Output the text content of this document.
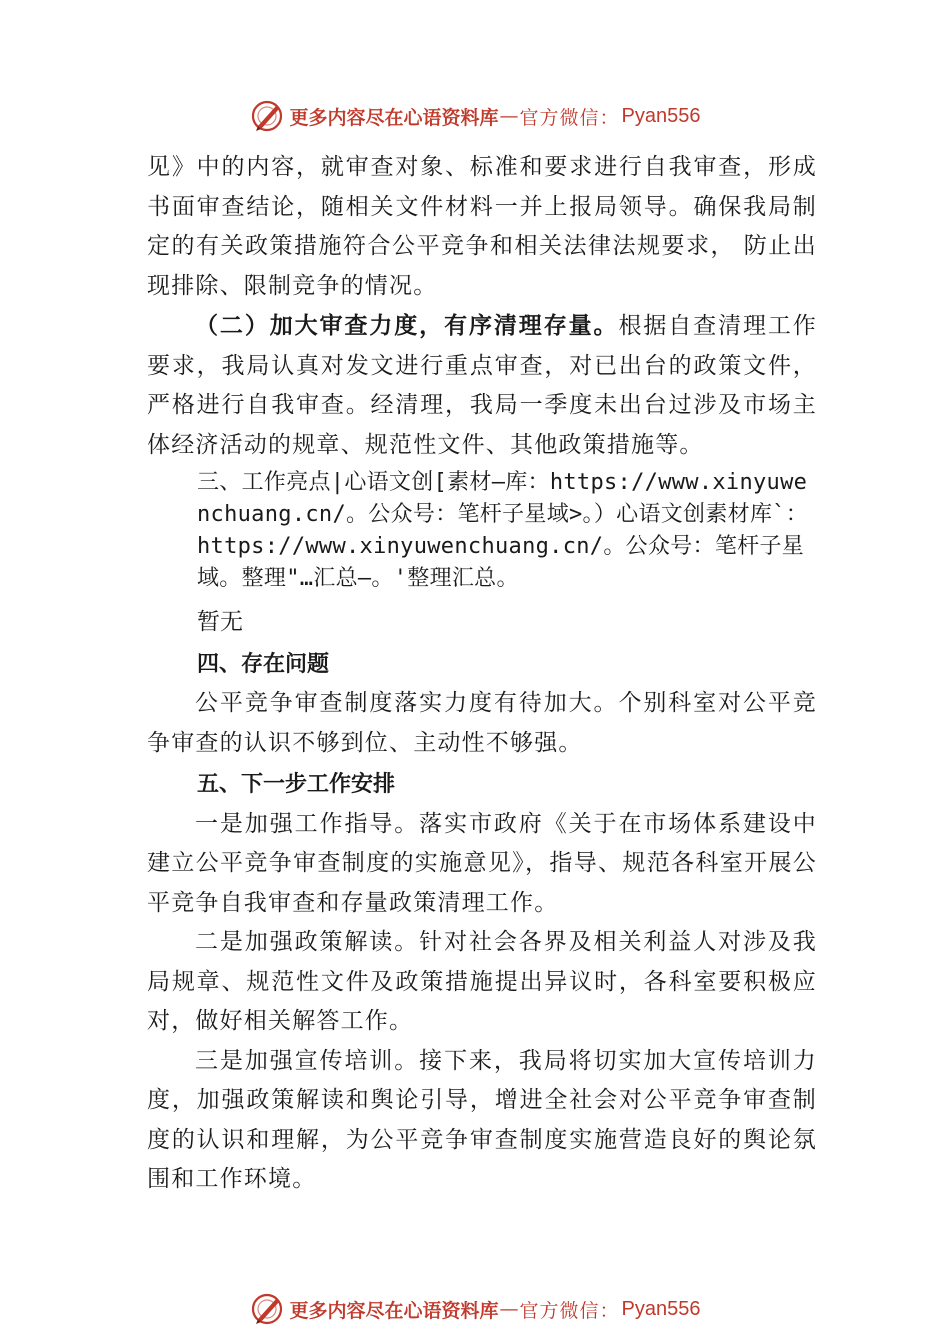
更多内容尽在心语资料库 — 官方微信： Pyan556

见》中的内容，就审查对象、标准和要求进行自我审查，形成书面审查结论，随相关文件材料一并上报局领导。确保我局制定的有关政策措施符合公平竞争和相关法律法规要求， 防止出现排除、限制竞争的情况。

（二）加大审查力度，有序清理存量。根据自查清理工作要求，我局认真对发文进行重点审查，对已出台的政策文件，严格进行自我审查。经清理，我局一季度未出台过涉及市场主体经济活动的规章、规范性文件、其他政策措施等。

三、工作亮点|心语文创[素材—库：https://www.xinyuwenchuang.cn/。公众号：笔杆子星域>。）心语文创素材库`：https://www.xinyuwenchuang.cn/。公众号：笔杆子星域。整理"…汇总—。'整理汇总。

暂无

四、存在问题

公平竞争审查制度落实力度有待加大。个别科室对公平竞争审查的认识不够到位、主动性不够强。

五、下一步工作安排

一是加强工作指导。落实市政府《关于在市场体系建设中建立公平竞争审查制度的实施意见》，指导、规范各科室开展公平竞争自我审查和存量政策清理工作。

二是加强政策解读。针对社会各界及相关利益人对涉及我局规章、规范性文件及政策措施提出异议时，各科室要积极应对，做好相关解答工作。

三是加强宣传培训。接下来，我局将切实加大宣传培训力度，加强政策解读和舆论引导，增进全社会对公平竞争审查制度的认识和理解，为公平竞争审查制度实施营造良好的舆论氛围和工作环境。

更多内容尽在心语资料库 — 官方微信： Pyan556
